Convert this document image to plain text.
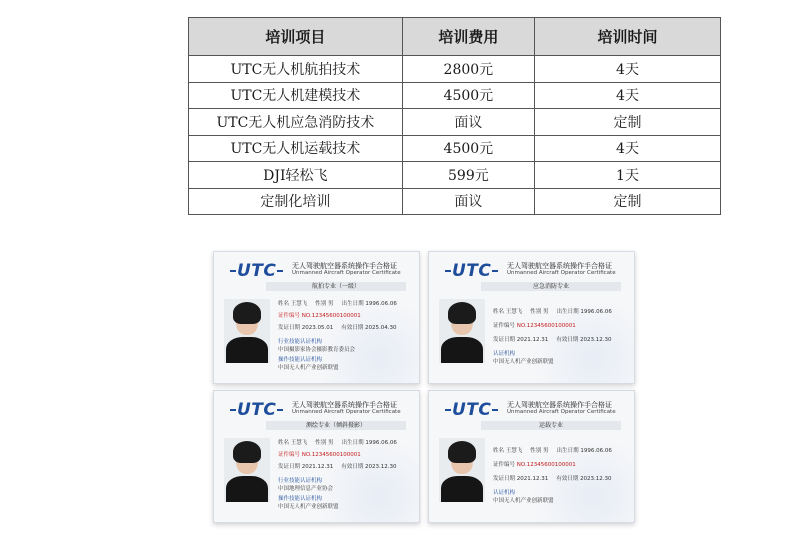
培训项目	培训费用	培训时间
UTC无人机航拍技术	2800元	4天
UTC无人机建模技术	4500元	4天
UTC无人机应急消防技术	面议	定制
UTC无人机运载技术	4500元	4天
DJI轻松飞	599元	1天
定制化培训	面议	定制
UTC	无人驾驶航空器系统操作手合格证
Unmanned Aircraft Operator Certificate
航拍专业（一级）
姓名 王慧飞 性别 男 出生日期 1996.06.06
证件编号 NO.12345600100001
发证日期 2023.05.01 有效日期 2025.04.30
行业技能认证机构
中国摄影家协会摄影教育委员会
操作技能认证机构
中国无人机产业创新联盟
UTC	无人驾驶航空器系统操作手合格证
Unmanned Aircraft Operator Certificate
应急消防专业
姓名 王慧飞 性别 男 出生日期 1996.06.06
证件编号 NO.12345600100001
发证日期 2021.12.31 有效日期 2023.12.30
认证机构
中国无人机产业创新联盟
UTC	无人驾驶航空器系统操作手合格证
Unmanned Aircraft Operator Certificate
测绘专业（倾斜摄影）
姓名 王慧飞 性别 男 出生日期 1996.06.06
证件编号 NO.12345600100001
发证日期 2021.12.31 有效日期 2023.12.30
行业技能认证机构
中国地理信息产业协会
操作技能认证机构
中国无人机产业创新联盟
UTC	无人驾驶航空器系统操作手合格证
Unmanned Aircraft Operator Certificate
运载专业
姓名 王慧飞 性别 男 出生日期 1996.06.06
证件编号 NO.12345600100001
发证日期 2021.12.31 有效日期 2023.12.30
认证机构
中国无人机产业创新联盟
